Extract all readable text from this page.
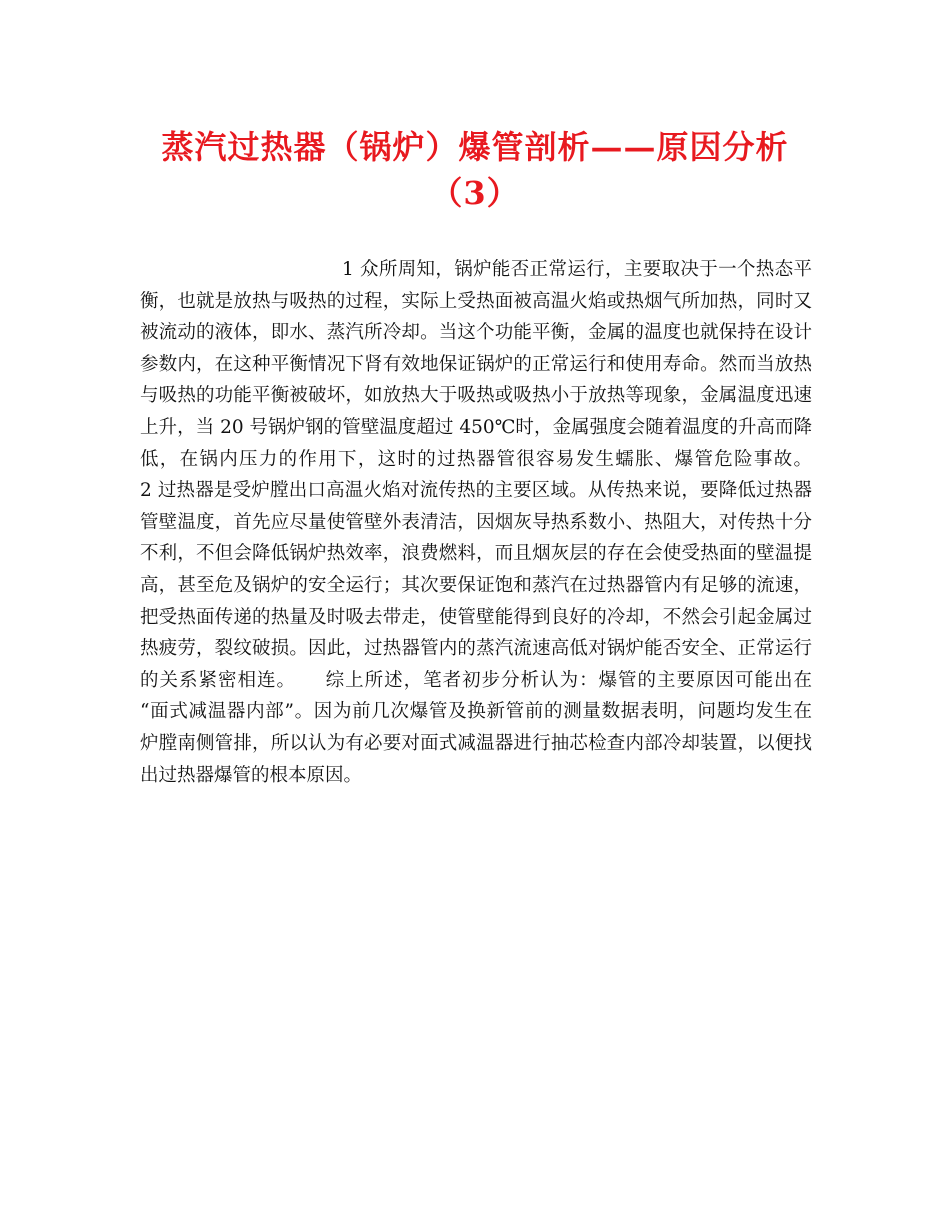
蒸汽过热器（锅炉）爆管剖析——原因分析
（3）
1 众所周知，锅炉能否正常运行，主要取决于一个热态平
衡，也就是放热与吸热的过程，实际上受热面被高温火焰或热烟气所加热，同时又
被流动的液体，即水、蒸汽所冷却。当这个功能平衡，金属的温度也就保持在设计
参数内，在这种平衡情况下肾有效地保证锅炉的正常运行和使用寿命。然而当放热
与吸热的功能平衡被破坏，如放热大于吸热或吸热小于放热等现象，金属温度迅速
上升，当 20 号锅炉钢的管壁温度超过 450℃时，金属强度会随着温度的升高而降
低，在锅内压力的作用下，这时的过热器管很容易发生蠕胀、爆管危险事故。
2 过热器是受炉膛出口高温火焰对流传热的主要区域。从传热来说，要降低过热器
管壁温度，首先应尽量使管壁外表清洁，因烟灰导热系数小、热阻大，对传热十分
不利，不但会降低锅炉热效率，浪费燃料，而且烟灰层的存在会使受热面的壁温提
高，甚至危及锅炉的安全运行；其次要保证饱和蒸汽在过热器管内有足够的流速，
把受热面传递的热量及时吸去带走，使管壁能得到良好的冷却，不然会引起金属过
热疲劳，裂纹破损。因此，过热器管内的蒸汽流速高低对锅炉能否安全、正常运行
的关系紧密相连。　　综上所述，笔者初步分析认为：爆管的主要原因可能出在
“面式减温器内部”。因为前几次爆管及换新管前的测量数据表明，问题均发生在
炉膛南侧管排，所以认为有必要对面式减温器进行抽芯检查内部冷却装置，以便找
出过热器爆管的根本原因。
